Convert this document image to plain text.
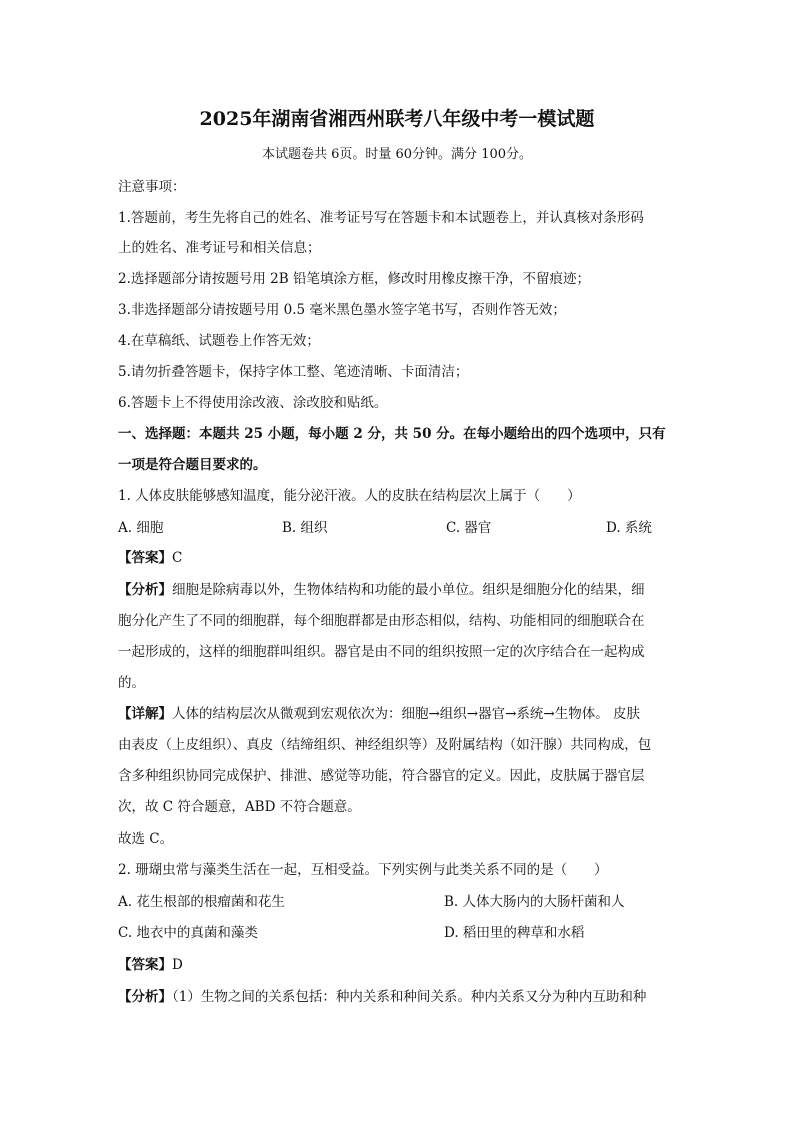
2025年湖南省湘西州联考八年级中考一模试题
本试题卷共 6页。时量 60分钟。满分 100分。
注意事项：
1.答题前，考生先将自己的姓名、准考证号写在答题卡和本试题卷上，并认真核对条形码
上的姓名、准考证号和相关信息；
2.选择题部分请按题号用 2B 铅笔填涂方框，修改时用橡皮擦干净，不留痕迹；
3.非选择题部分请按题号用 0.5 毫米黑色墨水签字笔书写，否则作答无效；
4.在草稿纸、试题卷上作答无效；
5.请勿折叠答题卡，保持字体工整、笔迹清晰、卡面清洁；
6.答题卡上不得使用涂改液、涂改胶和贴纸。
一、选择题：本题共 25 小题，每小题 2 分，共 50 分。在每小题给出的四个选项中，只有
一项是符合题目要求的。
1. 人体皮肤能够感知温度，能分泌汗液。人的皮肤在结构层次上属于（　　）
A. 细胞	B. 组织	C. 器官	D. 系统
【答案】C
【分析】细胞是除病毒以外，生物体结构和功能的最小单位。组织是细胞分化的结果，细
胞分化产生了不同的细胞群，每个细胞群都是由形态相似，结构、功能相同的细胞联合在
一起形成的，这样的细胞群叫组织。器官是由不同的组织按照一定的次序结合在一起构成
的。
【详解】人体的结构层次从微观到宏观依次为：细胞→组织→器官→系统→生物体。 皮肤
由表皮（上皮组织）、真皮（结缔组织、神经组织等）及附属结构（如汗腺）共同构成，包
含多种组织协同完成保护、排泄、感觉等功能，符合器官的定义。因此，皮肤属于器官层
次，故 C 符合题意，ABD 不符合题意。
故选 C。
2. 珊瑚虫常与藻类生活在一起，互相受益。下列实例与此类关系不同的是（　　）
A. 花生根部的根瘤菌和花生	B. 人体大肠内的大肠杆菌和人
C. 地衣中的真菌和藻类	D. 稻田里的稗草和水稻
【答案】D
【分析】（1）生物之间的关系包括：种内关系和种间关系。种内关系又分为种内互助和种
